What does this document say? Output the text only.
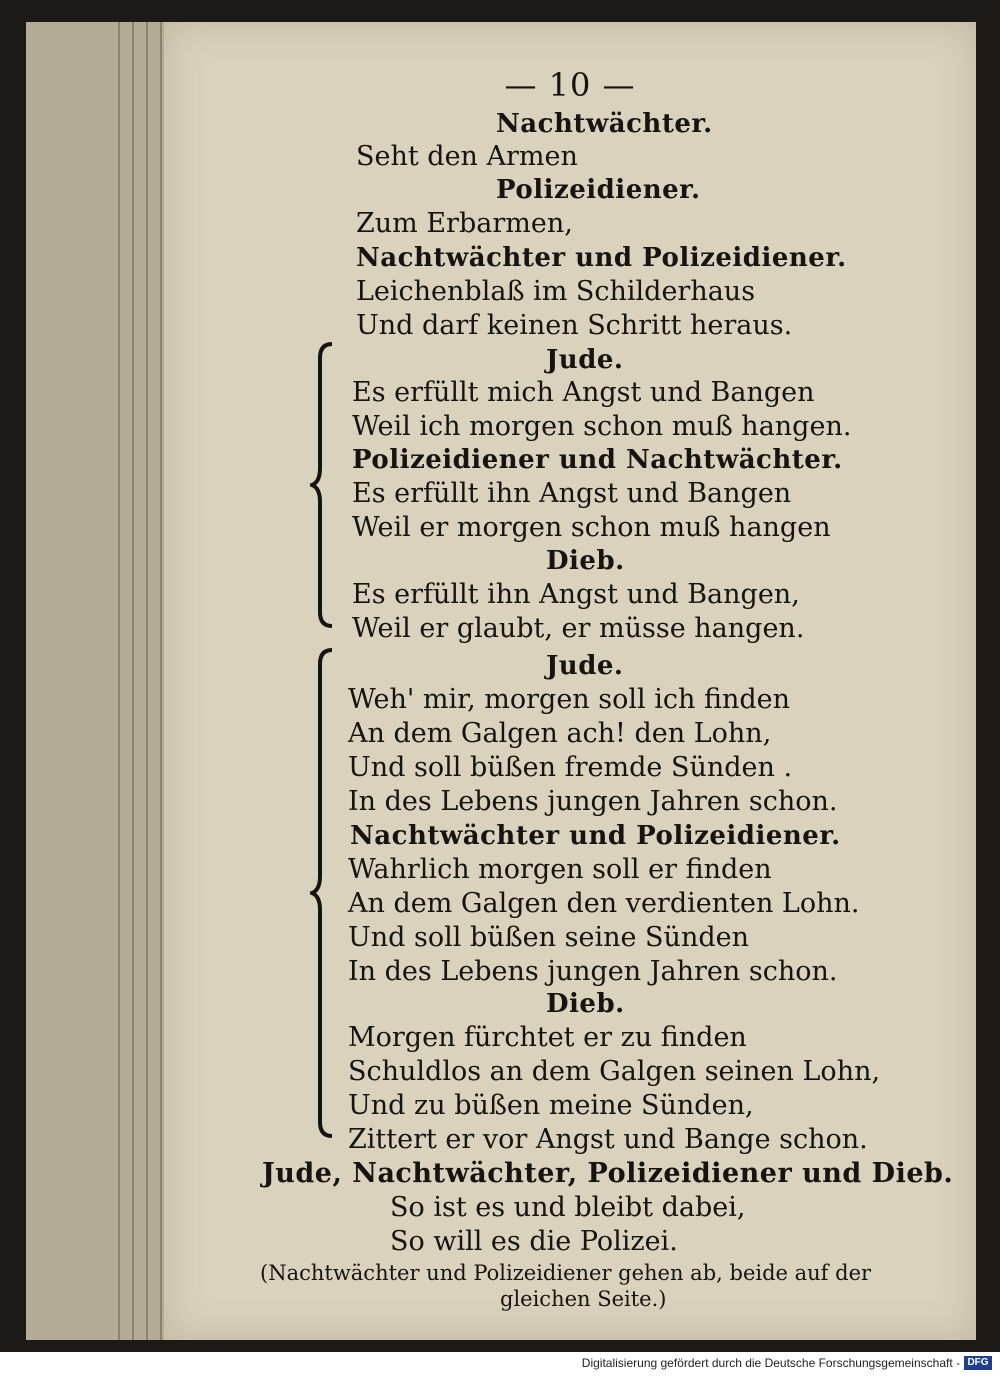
— 10 —
Nachtwächter.
Seht den Armen
Polizeidiener.
Zum Erbarmen,
Nachtwächter und Polizeidiener.
Leichenblaß im Schilderhaus
Und darf keinen Schritt heraus.
Jude.
Es erfüllt mich Angst und Bangen
Weil ich morgen schon muß hangen.
Polizeidiener und Nachtwächter.
Es erfüllt ihn Angst und Bangen
Weil er morgen schon muß hangen
Dieb.
Es erfüllt ihn Angst und Bangen,
Weil er glaubt, er müsse hangen.
Jude.
Weh' mir, morgen soll ich finden
An dem Galgen ach! den Lohn,
Und soll büßen fremde Sünden .
In des Lebens jungen Jahren schon.
Nachtwächter und Polizeidiener.
Wahrlich morgen soll er finden
An dem Galgen den verdienten Lohn.
Und soll büßen seine Sünden
In des Lebens jungen Jahren schon.
Dieb.
Morgen fürchtet er zu finden
Schuldlos an dem Galgen seinen Lohn,
Und zu büßen meine Sünden,
Zittert er vor Angst und Bange schon.
Jude, Nachtwächter, Polizeidiener und Dieb.
So ist es und bleibt dabei,
So will es die Polizei.
(Nachtwächter und Polizeidiener gehen ab, beide auf der
gleichen Seite.)
Digitalisierung gefördert durch die Deutsche Forschungsgemeinschaft - DFG
